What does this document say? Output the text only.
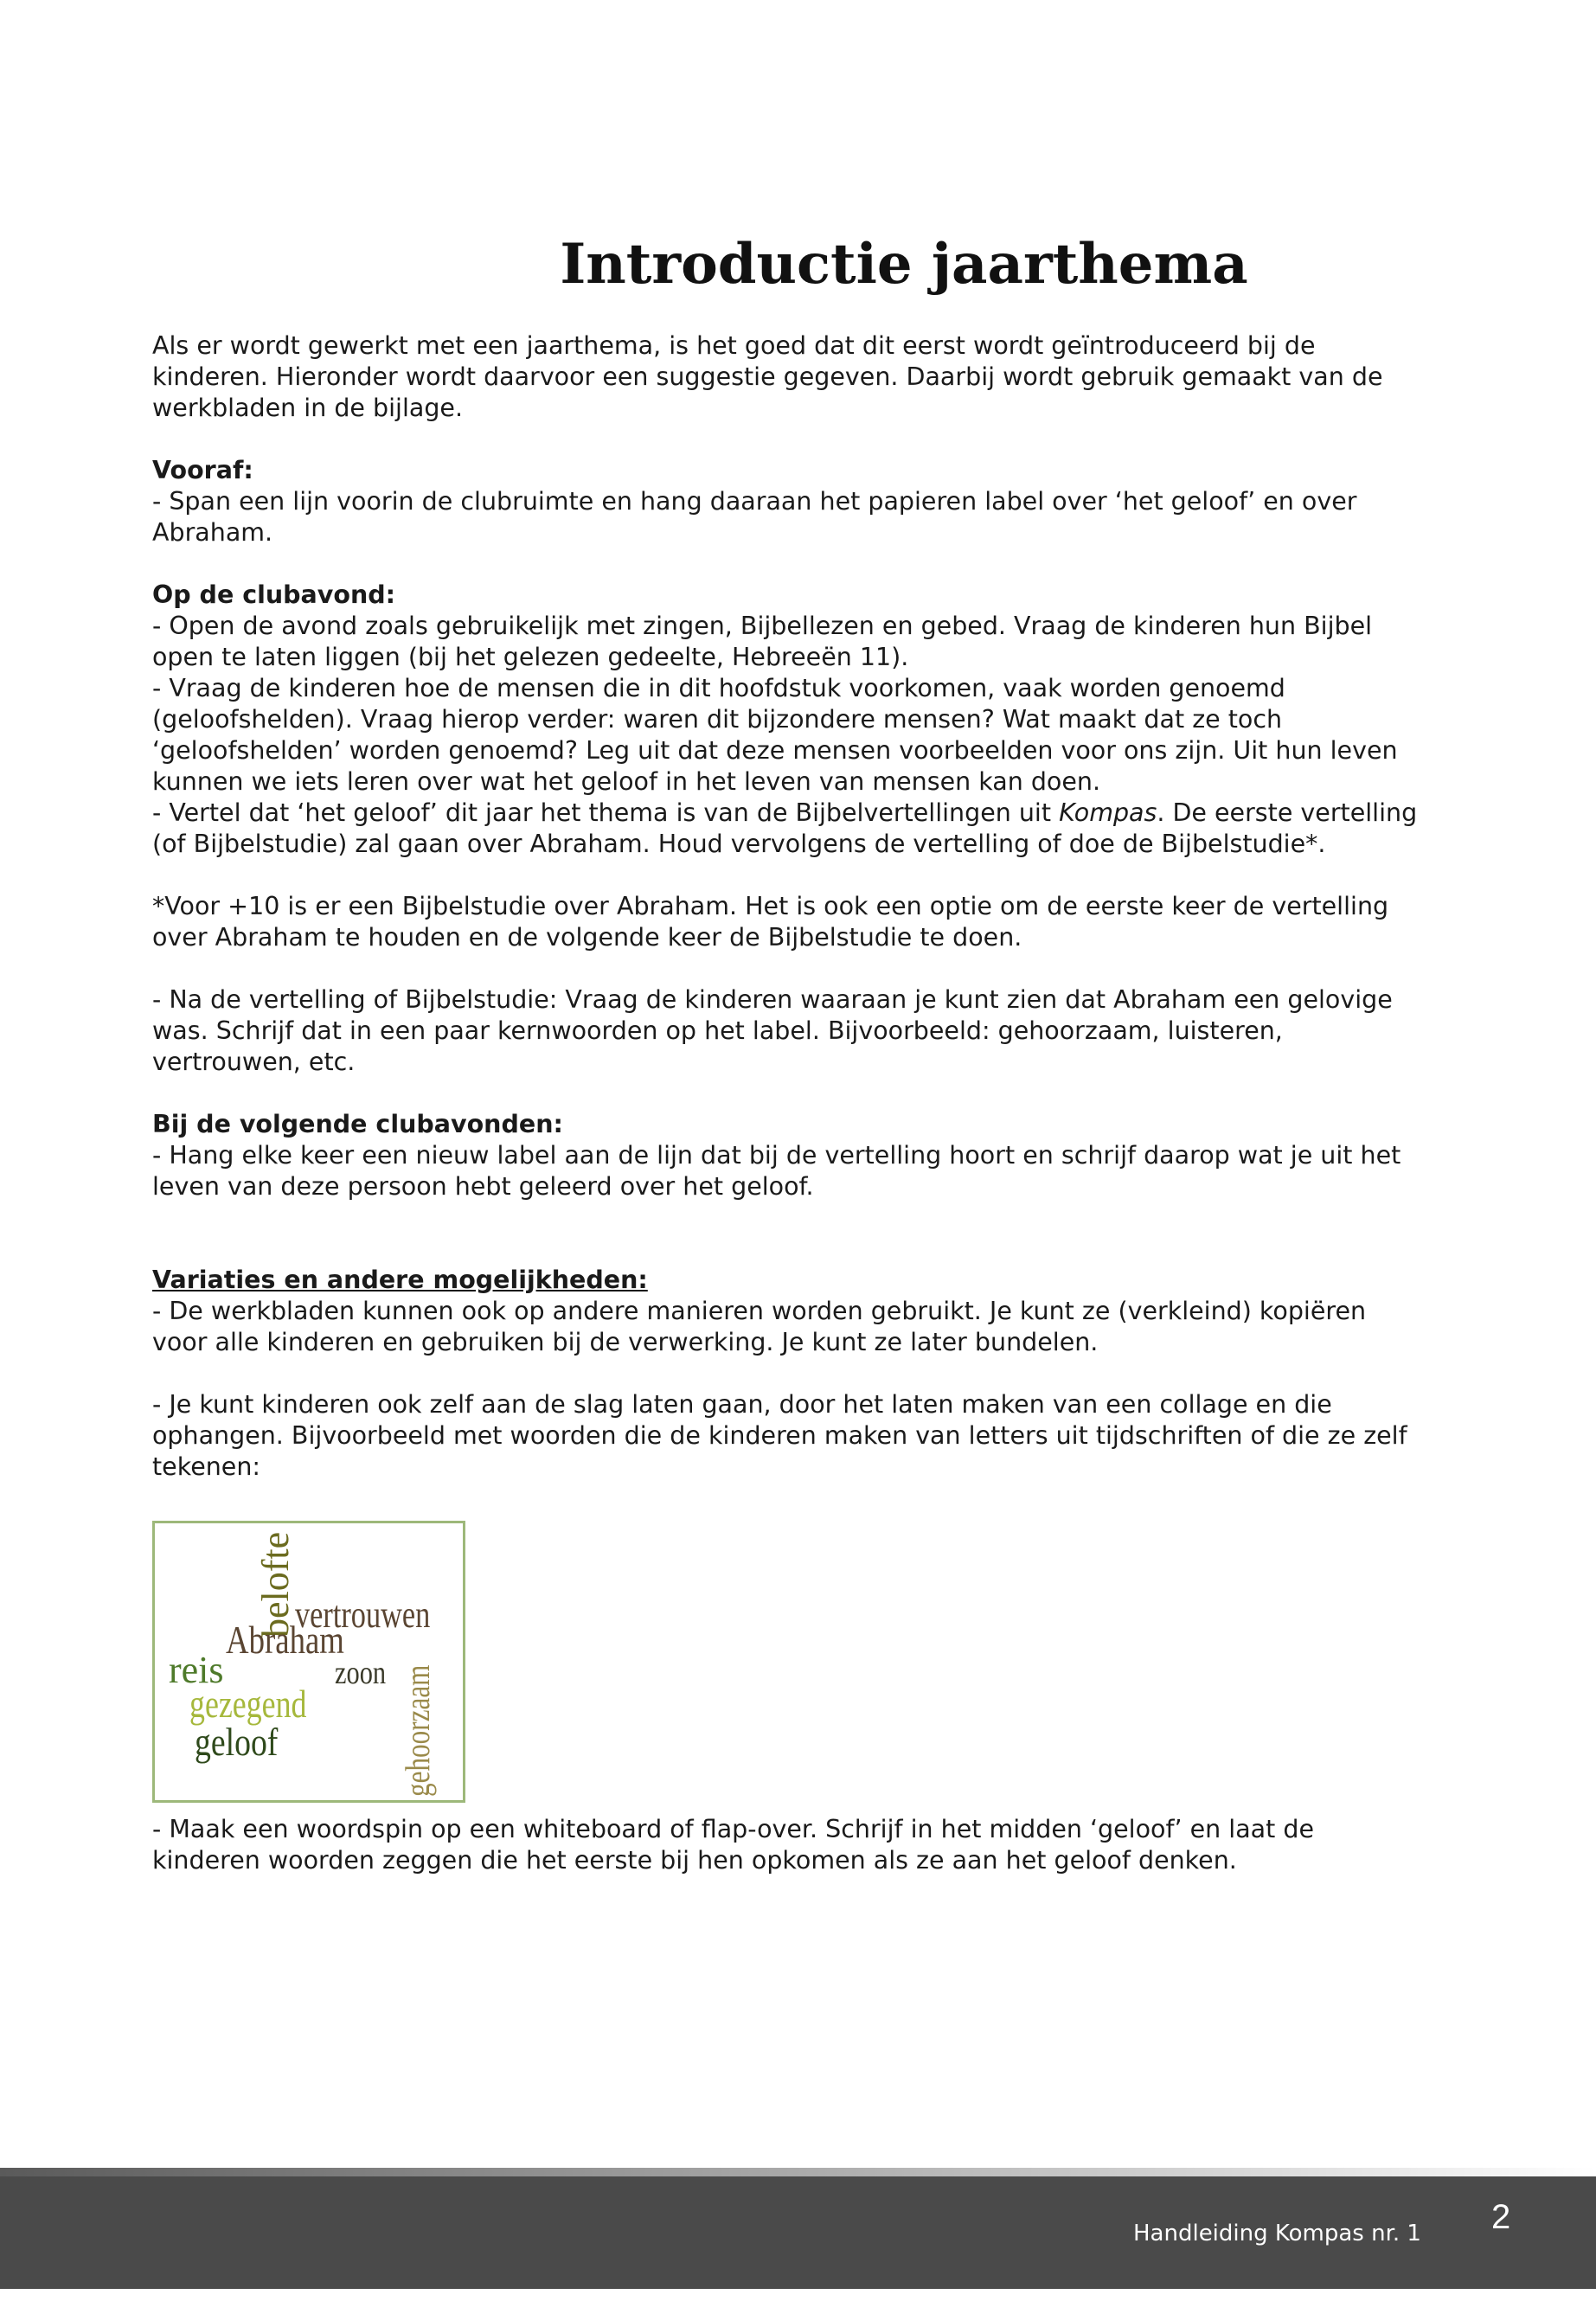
Introductie jaarthema

Als er wordt gewerkt met een jaarthema, is het goed dat dit eerst wordt geïntroduceerd bij de kinderen. Hieronder wordt daarvoor een suggestie gegeven. Daarbij wordt gebruik gemaakt van de werkbladen in de bijlage.

Vooraf:

- Span een lijn voorin de clubruimte en hang daaraan het papieren label over ‘het geloof’ en over Abraham.

Op de clubavond:

- Open de avond zoals gebruikelijk met zingen, Bijbellezen en gebed. Vraag de kinderen hun Bijbel open te laten liggen (bij het gelezen gedeelte, Hebreeën 11).

- Vraag de kinderen hoe de mensen die in dit hoofdstuk voorkomen, vaak worden genoemd (geloofshelden). Vraag hierop verder: waren dit bijzondere mensen? Wat maakt dat ze toch ‘geloofshelden’ worden genoemd? Leg uit dat deze mensen voorbeelden voor ons zijn. Uit hun leven kunnen we iets leren over wat het geloof in het leven van mensen kan doen.

- Vertel dat ‘het geloof’ dit jaar het thema is van de Bijbelvertellingen uit Kompas. De eerste vertelling (of Bijbelstudie) zal gaan over Abraham. Houd vervolgens de vertelling of doe de Bijbelstudie*.

*Voor +10 is er een Bijbelstudie over Abraham. Het is ook een optie om de eerste keer de vertelling over Abraham te houden en de volgende keer de Bijbelstudie te doen.

- Na de vertelling of Bijbelstudie: Vraag de kinderen waaraan je kunt zien dat Abraham een gelovige was. Schrijf dat in een paar kernwoorden op het label. Bijvoorbeeld: gehoorzaam, luisteren, vertrouwen, etc.

Bij de volgende clubavonden:

- Hang elke keer een nieuw label aan de lijn dat bij de vertelling hoort en schrijf daarop wat je uit het leven van deze persoon hebt geleerd over het geloof.

Variaties en andere mogelijkheden:

- De werkbladen kunnen ook op andere manieren worden gebruikt. Je kunt ze (verkleind) kopiëren voor alle kinderen en gebruiken bij de verwerking. Je kunt ze later bundelen.

- Je kunt kinderen ook zelf aan de slag laten gaan, door het laten maken van een collage en die ophangen. Bijvoorbeeld met woorden die de kinderen maken van letters uit tijdschriften of die ze zelf tekenen:

- Maak een woordspin op een whiteboard of flap-over. Schrijf in het midden ‘geloof’ en laat de kinderen woorden zeggen die het eerste bij hen opkomen als ze aan het geloof denken.

belofte
vertrouwen
Abraham
reis	zoon
gezegend
geloof	gehoorzaam
Handleiding Kompas nr. 1 2
